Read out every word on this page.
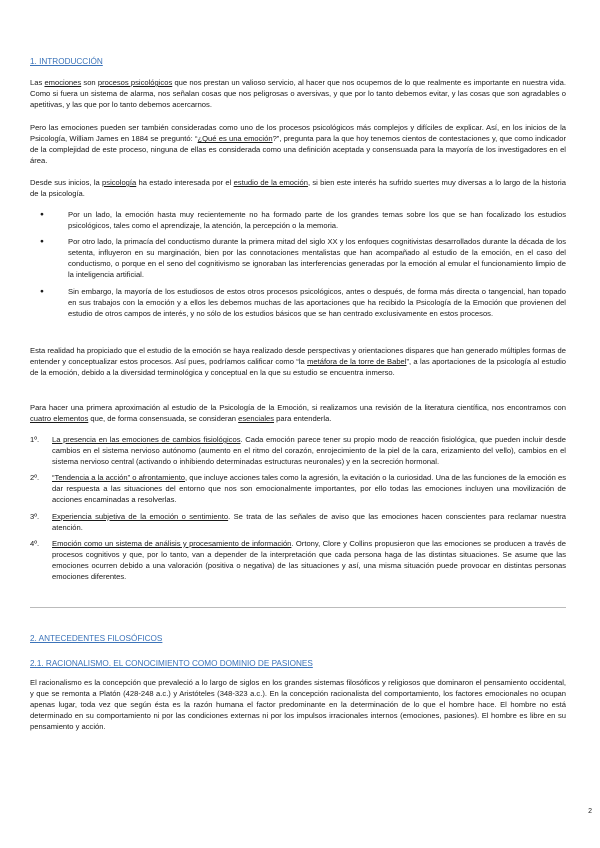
1. INTRODUCCIÓN

Las emociones son procesos psicológicos que nos prestan un valioso servicio, al hacer que nos ocupemos de lo que realmente es importante en nuestra vida. Como si fuera un sistema de alarma, nos señalan cosas que nos peligrosas o aversivas, y que por lo tanto debemos evitar, y las cosas que son agradables o apetitivas, y las que por lo tanto debemos acercarnos.

Pero las emociones pueden ser también consideradas como uno de los procesos psicológicos más complejos y difíciles de explicar. Así, en los inicios de la Psicología, William James en 1884 se preguntó: “¿Qué es una emoción?”, pregunta para la que hoy tenemos cientos de contestaciones y, que como indicador de la complejidad de este proceso, ninguna de ellas es considerada como una definición aceptada y consensuada para la mayoría de los investigadores en el área.

Desde sus inicios, la psicología ha estado interesada por el estudio de la emoción, si bien este interés ha sufrido suertes muy diversas a lo largo de la historia de la psicología.

● Por un lado, la emoción hasta muy recientemente no ha formado parte de los grandes temas sobre los que se han focalizado los estudios psicológicos, tales como el aprendizaje, la atención, la percepción o la memoria.
● Por otro lado, la primacía del conductismo durante la primera mitad del siglo XX y los enfoques cognitivistas desarrollados durante la década de los setenta, influyeron en su marginación, bien por las connotaciones mentalistas que han acompañado al estudio de la emoción, en el caso del conductismo, o porque en el seno del cognitivismo se ignoraban las interferencias generadas por la emoción al emular el funcionamiento limpio de la inteligencia artificial.
● Sin embargo, la mayoría de los estudiosos de estos otros procesos psicológicos, antes o después, de forma más directa o tangencial, han topado en sus trabajos con la emoción y a ellos les debemos muchas de las aportaciones que ha recibido la Psicología de la Emoción que provienen del estudio de otros campos de interés, y no sólo de los estudios básicos que se han centrado exclusivamente en estos procesos.

Esta realidad ha propiciado que el estudio de la emoción se haya realizado desde perspectivas y orientaciones dispares que han generado múltiples formas de entender y conceptualizar estos procesos. Así pues, podríamos calificar como “la metáfora de la torre de Babel”, a las aportaciones de la psicología al estudio de la emoción, debido a la diversidad terminológica y conceptual en la que su estudio se encuentra inmerso.

Para hacer una primera aproximación al estudio de la Psicología de la Emoción, si realizamos una revisión de la literatura científica, nos encontramos con cuatro elementos que, de forma consensuada, se consideran esenciales para entenderla.

1º. La presencia en las emociones de cambios fisiológicos. Cada emoción parece tener su propio modo de reacción fisiológica, que pueden incluir desde cambios en el sistema nervioso autónomo (aumento en el ritmo del corazón, enrojecimiento de la piel de la cara, erizamiento del vello), cambios en el sistema nervioso central (activando o inhibiendo determinadas estructuras neuronales) y en la secreción hormonal.
2º. “Tendencia a la acción” o afrontamiento, que incluye acciones tales como la agresión, la evitación o la curiosidad. Una de las funciones de la emoción es dar respuesta a las situaciones del entorno que nos son emocionalmente importantes, por ello todas las emociones incluyen una movilización de acciones encaminadas a resolverlas.
3º. Experiencia subjetiva de la emoción o sentimiento. Se trata de las señales de aviso que las emociones hacen conscientes para reclamar nuestra atención.
4º. Emoción como un sistema de análisis y procesamiento de información. Ortony, Clore y Collins propusieron que las emociones se producen a través de procesos cognitivos y que, por lo tanto, van a depender de la interpretación que cada persona haga de las distintas situaciones. Se asume que las emociones ocurren debido a una valoración (positiva o negativa) de las situaciones y así, una misma situación puede provocar en distintas personas emociones diferentes.
2. ANTECEDENTES FILOSÓFICOS
2.1. RACIONALISMO. EL CONOCIMIENTO COMO DOMINIO DE PASIONES

El racionalismo es la concepción que prevaleció a lo largo de siglos en los grandes sistemas filosóficos y religiosos que dominaron el pensamiento occidental, y que se remonta a Platón (428-248 a.c.) y Aristóteles (348-323 a.c.). En la concepción racionalista del comportamiento, los factores emocionales no ocupan apenas lugar, toda vez que según ésta es la razón humana el factor predominante en la determinación de lo que el hombre hace. El hombre no está determinado en su comportamiento ni por las condiciones externas ni por los impulsos irracionales internos (emociones, pasiones). El hombre es libre en su pensamiento y acción.

2
